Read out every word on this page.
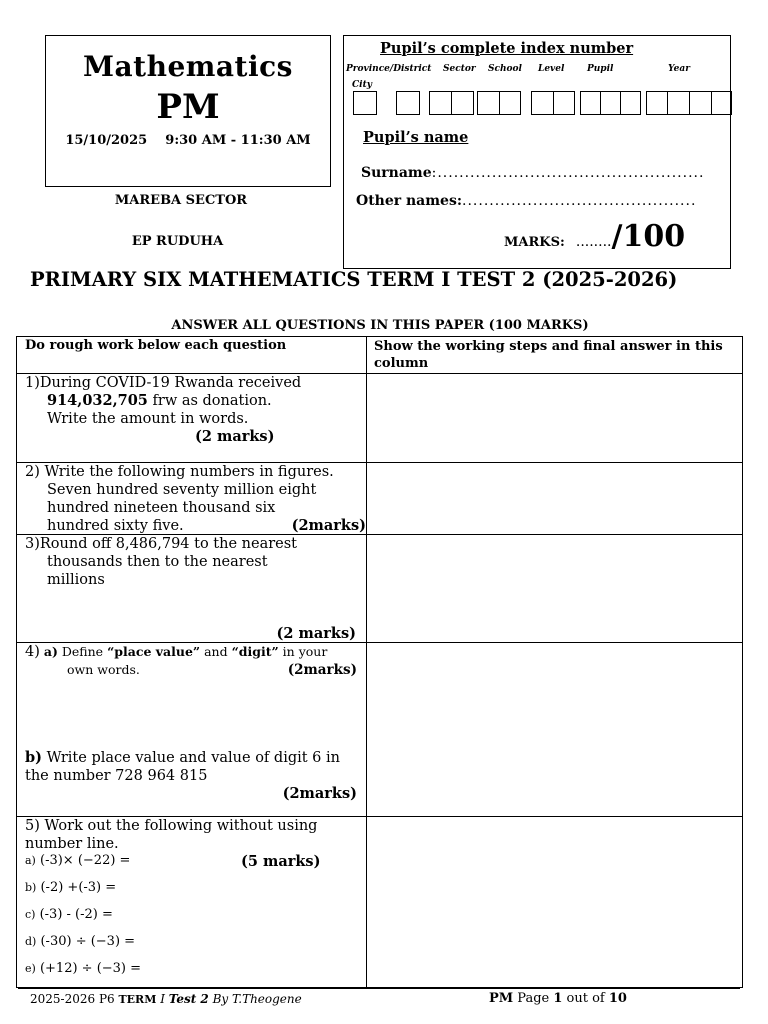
Mathematics
PM
15/10/2025 9:30 AM - 11:30 AM
MAREBA SECTOR
EP RUDUHA
Pupil’s complete index number
Province/District Sector School Level	Pupil	Year
City
Pupil’s name
Surname:.................................................
Other names:...........................................
MARKS: ......../100
PRIMARY SIX MATHEMATICS TERM I TEST 2 (2025-2026)
ANSWER ALL QUESTIONS IN THIS PAPER (100 MARKS)
Do rough work below each question	Show the working steps and final answer in this column
1)During COVID-19 Rwanda received
914,032,705 frw as donation.
Write the amount in words.
(2 marks)
2) Write the following numbers in figures.
Seven hundred seventy million eight
hundred nineteen thousand six
hundred sixty five.	(2marks)
3)Round off 8,486,794 to the nearest
thousands then to the nearest
millions
(2 marks)
4) a) Define “place value” and “digit” in your
own words.	(2marks)
b) Write place value and value of digit 6 in
the number 728 964 815
(2marks)
5) Work out the following without using
number line.
(5 marks)
a) (-3)× (−22) =
b) (-2) +(-3) =
c) (-3) - (-2) =
d) (-30) ÷ (−3) =
e) (+12) ÷ (−3) =
2025-2026 P6 TERM I Test 2 By T.Theogene	PM Page 1 out of 10
